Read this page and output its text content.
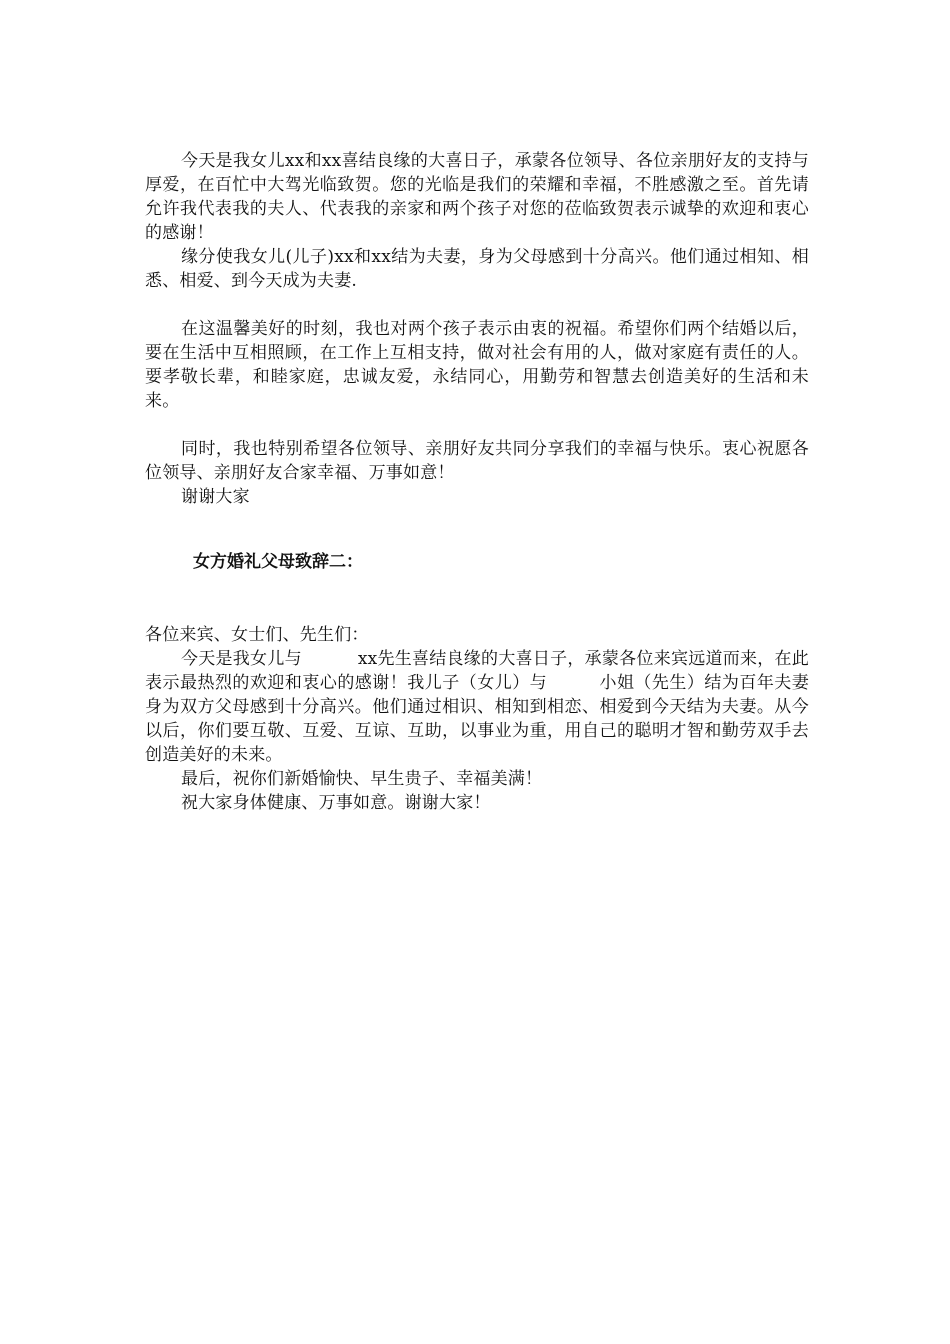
今天是我女儿xx和xx喜结良缘的大喜日子，承蒙各位领导、各位亲朋好友的支持与厚爱，在百忙中大驾光临致贺。您的光临是我们的荣耀和幸福，不胜感激之至。首先请允许我代表我的夫人、代表我的亲家和两个孩子对您的莅临致贺表示诚挚的欢迎和衷心的感谢！

缘分使我女儿(儿子)xx和xx结为夫妻，身为父母感到十分高兴。他们通过相知、相悉、相爱、到今天成为夫妻.

在这温馨美好的时刻，我也对两个孩子表示由衷的祝福。希望你们两个结婚以后，要在生活中互相照顾，在工作上互相支持，做对社会有用的人，做对家庭有责任的人。要孝敬长辈，和睦家庭，忠诚友爱，永结同心，用勤劳和智慧去创造美好的生活和未来。

同时，我也特别希望各位领导、亲朋好友共同分享我们的幸福与快乐。衷心祝愿各位领导、亲朋好友合家幸福、万事如意！

谢谢大家

女方婚礼父母致辞二：

各位来宾、女士们、先生们：

今天是我女儿与	xx先生喜结良缘的大喜日子，承蒙各位来宾远道而来，在此表示最热烈的欢迎和衷心的感谢！我儿子（女儿）与	小姐（先生）结为百年夫妻身为双方父母感到十分高兴。他们通过相识、相知到相恋、相爱到今天结为夫妻。从今以后，你们要互敬、互爱、互谅、互助，以事业为重，用自己的聪明才智和勤劳双手去创造美好的未来。

最后，祝你们新婚愉快、早生贵子、幸福美满！

祝大家身体健康、万事如意。谢谢大家！
